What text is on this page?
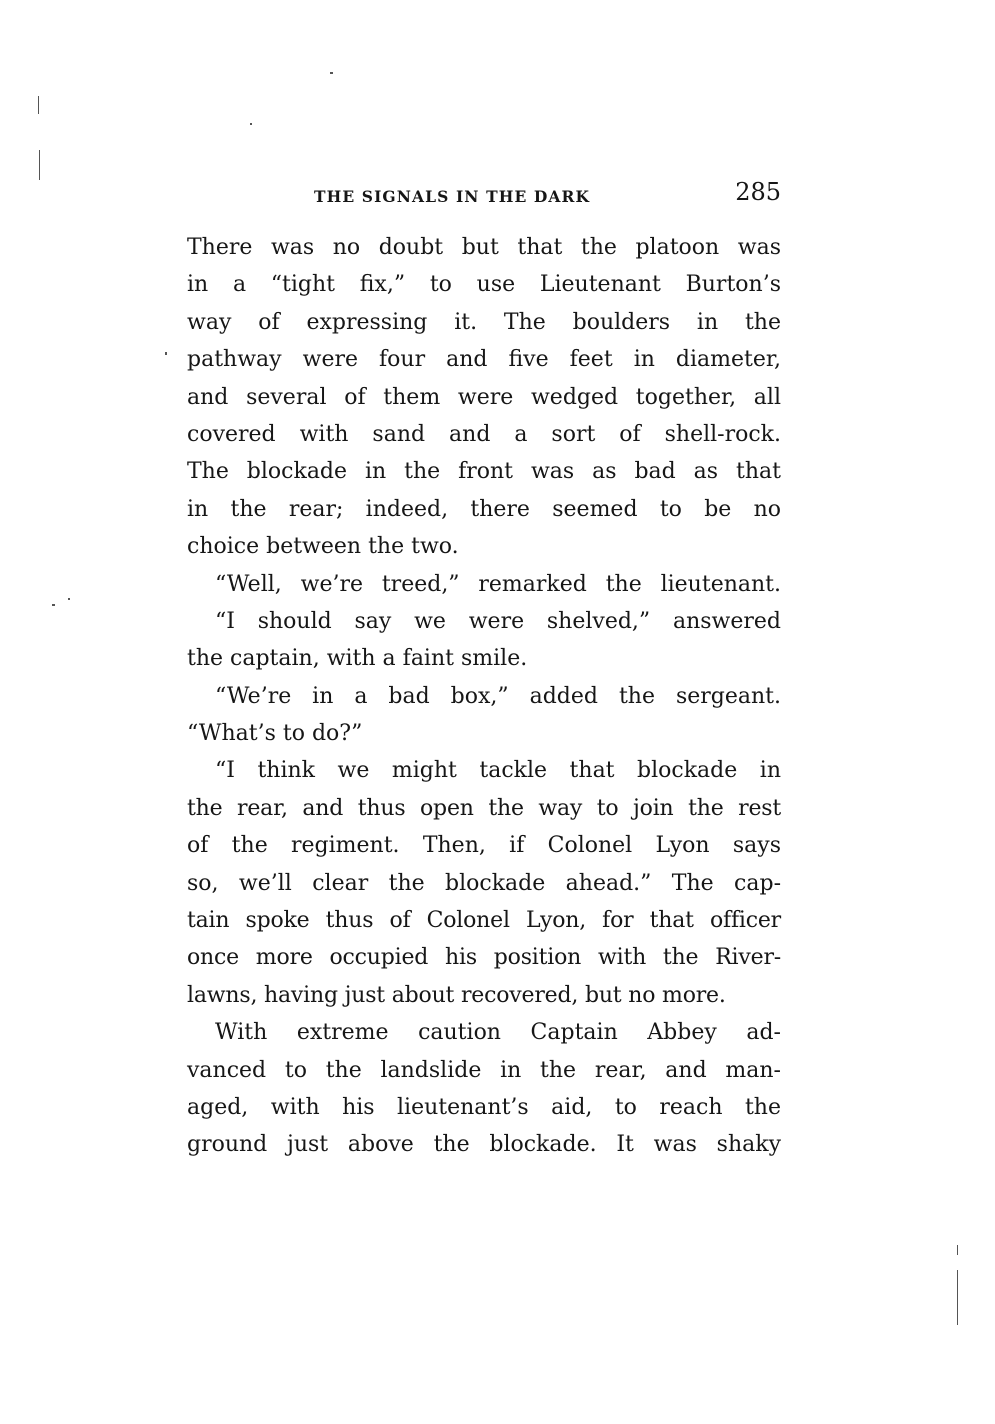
THE SIGNALS IN THE DARK	285
There was no doubt but that the platoon was
in a “tight fix,” to use Lieutenant Burton’s
way of expressing it. The boulders in the
pathway were four and five feet in diameter,
and several of them were wedged together, all
covered with sand and a sort of shell-rock.
The blockade in the front was as bad as that
in the rear; indeed, there seemed to be no
choice between the two.
“Well, we’re treed,” remarked the lieutenant.
“I should say we were shelved,” answered
the captain, with a faint smile.
“We’re in a bad box,” added the sergeant.
“What’s to do?”
“I think we might tackle that blockade in
the rear, and thus open the way to join the rest
of the regiment. Then, if Colonel Lyon says
so, we’ll clear the blockade ahead.” The cap-
tain spoke thus of Colonel Lyon, for that officer
once more occupied his position with the River-
lawns, having just about recovered, but no more.
With extreme caution Captain Abbey ad-
vanced to the landslide in the rear, and man-
aged, with his lieutenant’s aid, to reach the
ground just above the blockade. It was shaky
